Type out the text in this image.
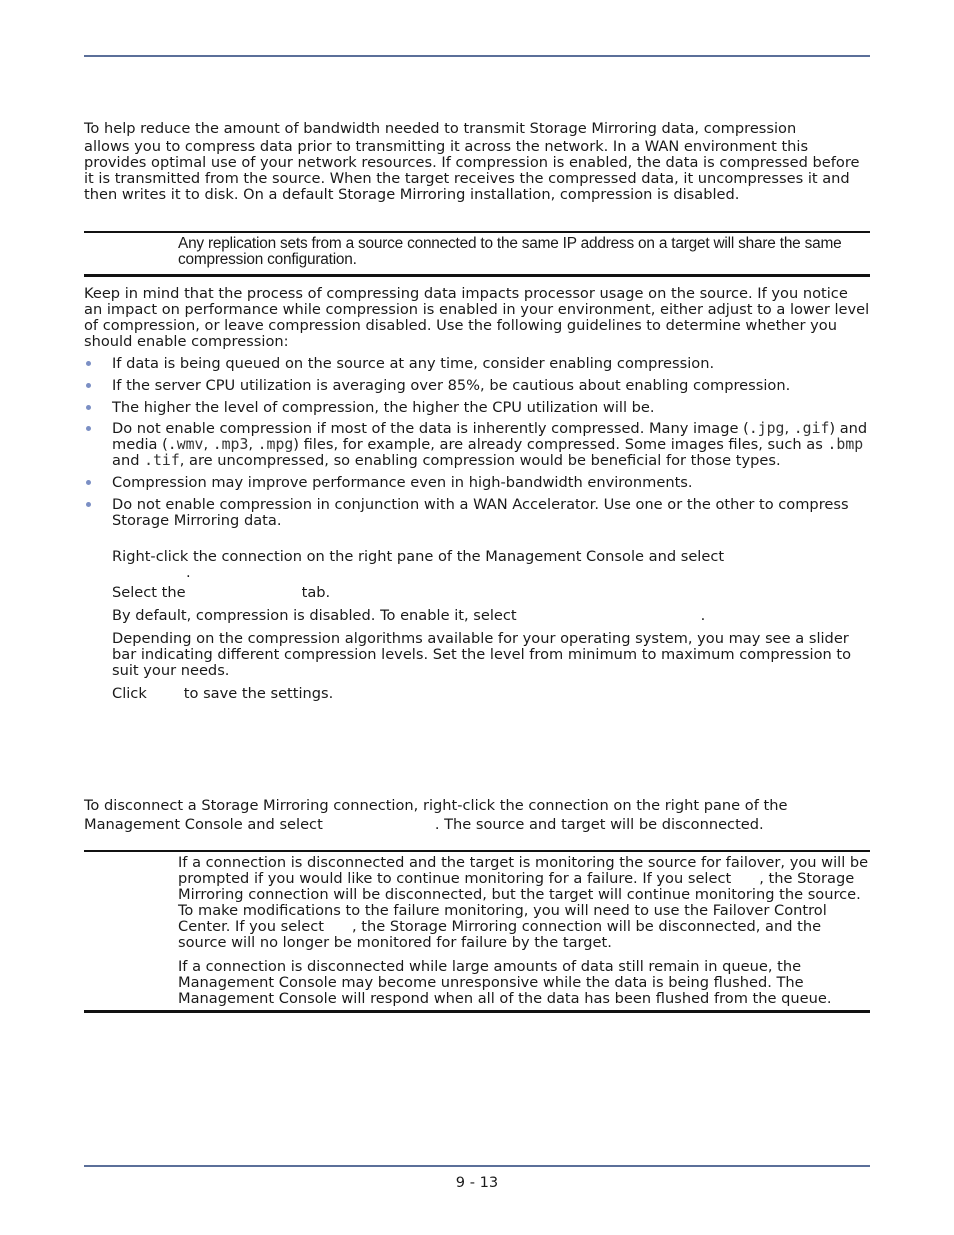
To help reduce the amount of bandwidth needed to transmit Storage Mirroring data, compression

allows you to compress data prior to transmitting it across the network. In a WAN environment this provides optimal use of your network resources. If compression is enabled, the data is compressed before it is transmitted from the source. When the target receives the compressed data, it uncompresses it and then writes it to disk. On a default Storage Mirroring installation, compression is disabled.

Any replication sets from a source connected to the same IP address on a target will share the same compression configuration.

Keep in mind that the process of compressing data impacts processor usage on the source. If you notice an impact on performance while compression is enabled in your environment, either adjust to a lower level of compression, or leave compression disabled. Use the following guidelines to determine whether you should enable compression:

If data is being queued on the source at any time, consider enabling compression.
If the server CPU utilization is averaging over 85%, be cautious about enabling compression.
The higher the level of compression, the higher the CPU utilization will be.
Do not enable compression if most of the data is inherently compressed. Many image (.jpg, .gif) and media (.wmv, .mp3, .mpg) files, for example, are already compressed. Some images files, such as .bmp and .tif, are uncompressed, so enabling compression would be beneficial for those types.
Compression may improve performance even in high-bandwidth environments.
Do not enable compression in conjunction with a WAN Accelerator. Use one or the other to compress Storage Mirroring data.

Right-click the connection on the right pane of the Management Console and select
.

Select the	tab.

By default, compression is disabled. To enable it, select	.

Depending on the compression algorithms available for your operating system, you may see a slider bar indicating different compression levels. Set the level from minimum to maximum compression to suit your needs.

Click	to save the settings.

To disconnect a Storage Mirroring connection, right-click the connection on the right pane of the

Management Console and select	. The source and target will be disconnected.

If a connection is disconnected and the target is monitoring the source for failover, you will be prompted if you would like to continue monitoring for a failure. If you select , the Storage Mirroring connection will be disconnected, but the target will continue monitoring the source. To make modifications to the failure monitoring, you will need to use the Failover Control Center. If you select , the Storage Mirroring connection will be disconnected, and the source will no longer be monitored for failure by the target.

If a connection is disconnected while large amounts of data still remain in queue, the Management Console may become unresponsive while the data is being flushed. The Management Console will respond when all of the data has been flushed from the queue.

9 - 13
